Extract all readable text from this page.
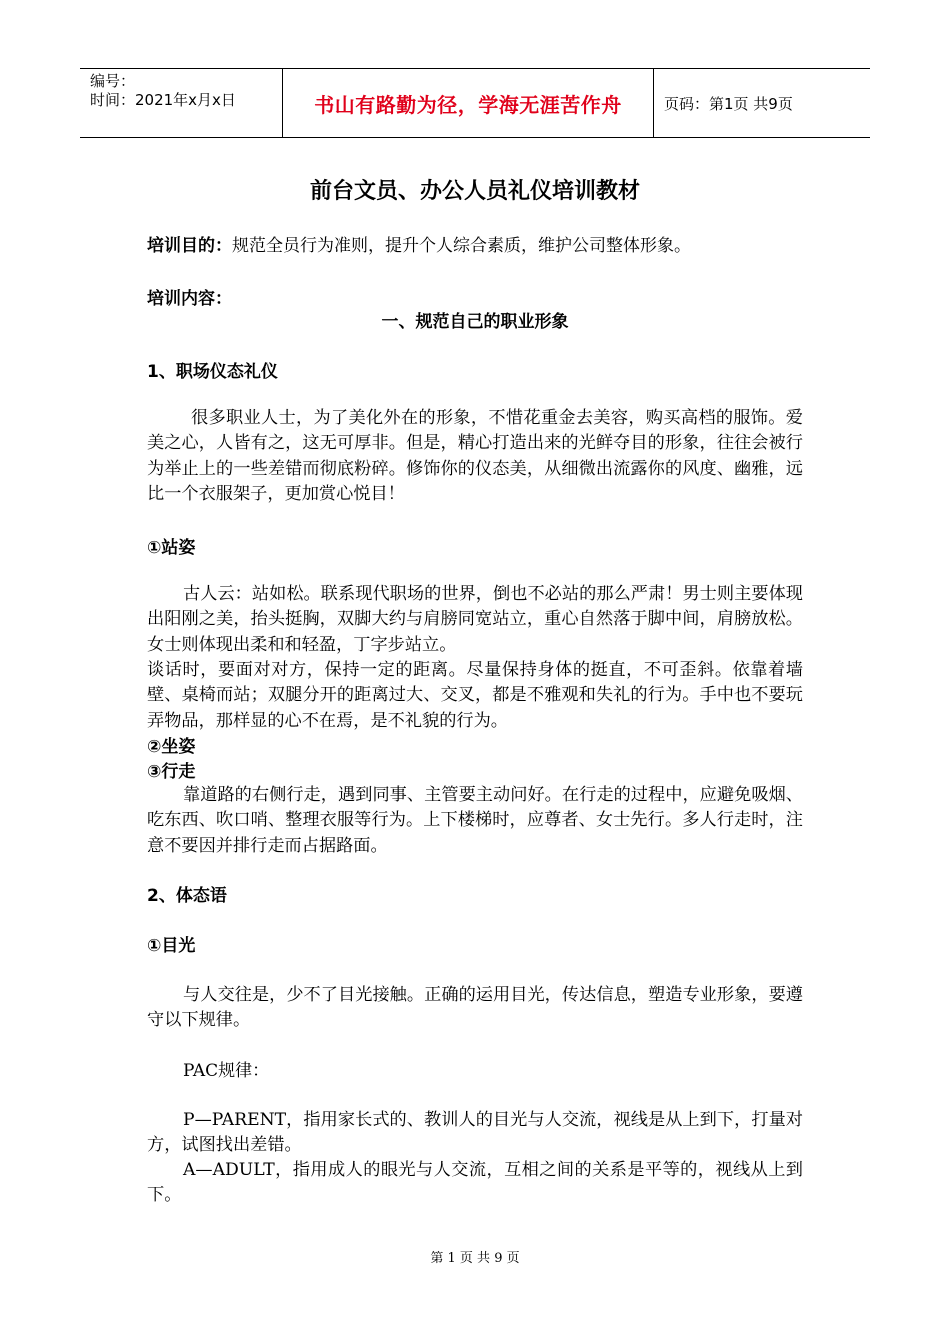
编号：
时间：2021年x月x日	书山有路勤为径，学海无涯苦作舟	页码：第1页 共9页
前台文员、办公人员礼仪培训教材
培训目的：规范全员行为准则，提升个人综合素质，维护公司整体形象。
培训内容：
一、规范自己的职业形象
1、职场仪态礼仪
很多职业人士，为了美化外在的形象，不惜花重金去美容，购买高档的服饰。爱美之心，人皆有之，这无可厚非。但是，精心打造出来的光鲜夺目的形象，往往会被行为举止上的一些差错而彻底粉碎。修饰你的仪态美，从细微出流露你的风度、幽雅，远比一个衣服架子，更加赏心悦目！
①站姿
古人云：站如松。联系现代职场的世界，倒也不必站的那么严肃！男士则主要体现出阳刚之美，抬头挺胸，双脚大约与肩膀同宽站立，重心自然落于脚中间，肩膀放松。女士则体现出柔和和轻盈，丁字步站立。
谈话时，要面对对方，保持一定的距离。尽量保持身体的挺直，不可歪斜。依靠着墙壁、桌椅而站；双腿分开的距离过大、交叉，都是不雅观和失礼的行为。手中也不要玩弄物品，那样显的心不在焉，是不礼貌的行为。
②坐姿
③行走
靠道路的右侧行走，遇到同事、主管要主动问好。在行走的过程中，应避免吸烟、吃东西、吹口哨、整理衣服等行为。上下楼梯时，应尊者、女士先行。多人行走时，注意不要因并排行走而占据路面。
2、体态语
①目光
与人交往是，少不了目光接触。正确的运用目光，传达信息，塑造专业形象，要遵守以下规律。
PAC规律：
P—PARENT，指用家长式的、教训人的目光与人交流，视线是从上到下，打量对方，试图找出差错。
A—ADULT，指用成人的眼光与人交流，互相之间的关系是平等的，视线从上到下。
第 1 页 共 9 页
